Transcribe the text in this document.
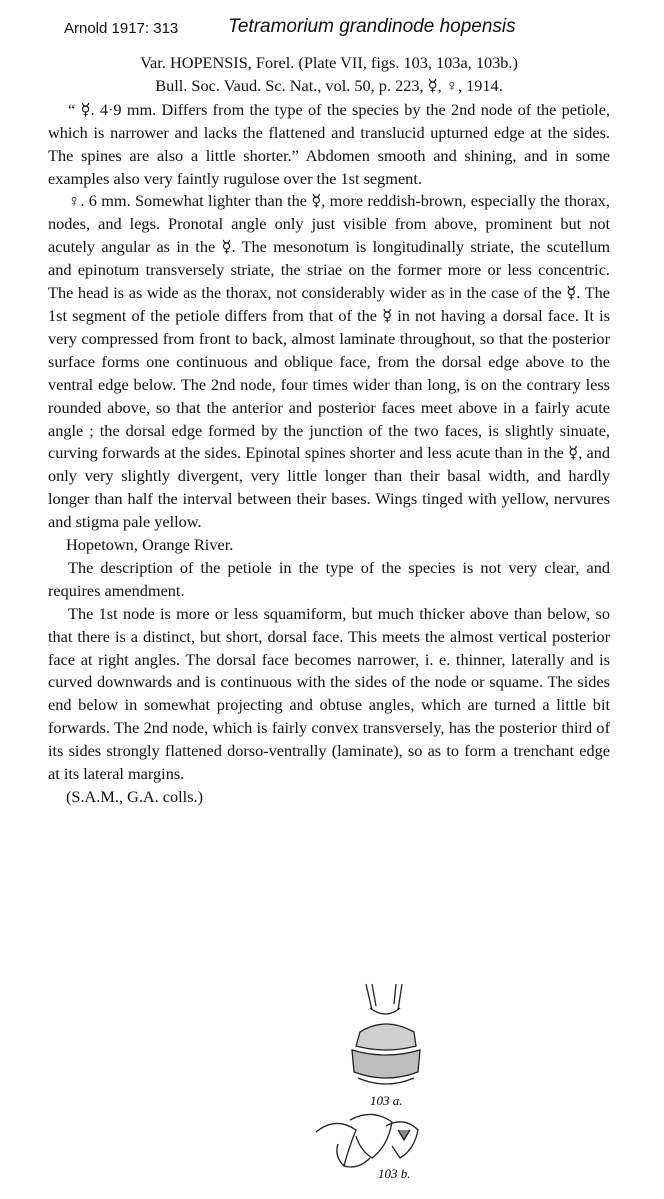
Arnold 1917: 313	Tetramorium grandinode hopensis

Var. HOPENSIS, Forel. (Plate VII, figs. 103, 103a, 103b.)

Bull. Soc. Vaud. Sc. Nat., vol. 50, p. 223, ☿, ♀, 1914.

“ ☿. 4·9 mm. Differs from the type of the species by the 2nd node of the petiole, which is narrower and lacks the flattened and translucid upturned edge at the sides. The spines are also a little shorter.” Abdomen smooth and shining, and in some examples also very faintly rugulose over the 1st segment.

♀. 6 mm. Somewhat lighter than the ☿, more reddish-brown, especially the thorax, nodes, and legs. Pronotal angle only just visible from above, prominent but not acutely angular as in the ☿. The mesonotum is longitudinally striate, the scutellum and epinotum transversely striate, the striae on the former more or less concentric. The head is as wide as the thorax, not considerably wider as in the case of the ☿. The 1st segment of the petiole differs from that of the ☿ in not having a dorsal face. It is very compressed from front to back, almost laminate throughout, so that the posterior surface forms one continuous and oblique face, from the dorsal edge above to the ventral edge below. The 2nd node, four times wider than long, is on the contrary less rounded above, so that the anterior and posterior faces meet above in a fairly acute angle ; the dorsal edge formed by the junction of the two faces, is slightly sinuate, curving forwards at the sides. Epinotal spines shorter and less acute than in the ☿, and only very slightly divergent, very little longer than their basal width, and hardly longer than half the interval between their bases. Wings tinged with yellow, nervures and stigma pale yellow.

Hopetown, Orange River.

The description of the petiole in the type of the species is not very clear, and requires amendment.

The 1st node is more or less squamiform, but much thicker above than below, so that there is a distinct, but short, dorsal face. This meets the almost vertical posterior face at right angles. The dorsal face becomes narrower, i. e. thinner, laterally and is curved downwards and is continuous with the sides of the node or squame. The sides end below in somewhat projecting and obtuse angles, which are turned a little bit forwards. The 2nd node, which is fairly convex transversely, has the posterior third of its sides strongly flattened dorso-ventrally (laminate), so as to form a trenchant edge at its lateral margins.

(S.A.M., G.A. colls.)

103 a.
103 b.
